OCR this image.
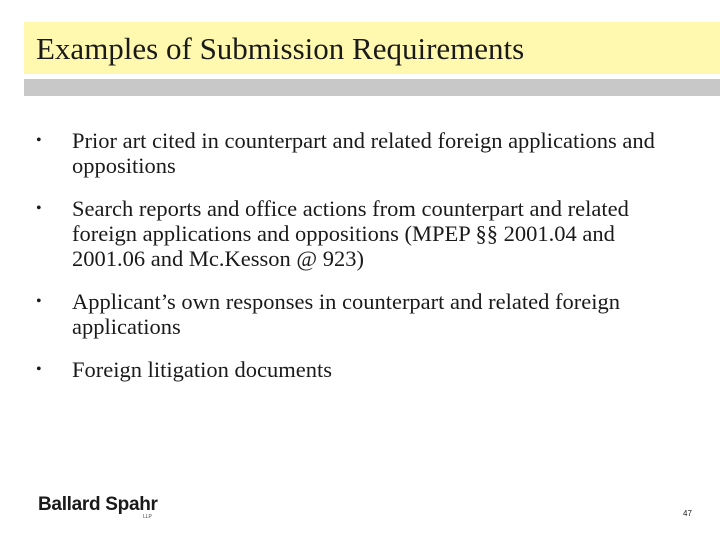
Examples of Submission Requirements
• Prior art cited in counterpart and related foreign applications and oppositions
• Search reports and office actions from counterpart and related foreign applications and oppositions (MPEP §§ 2001.04 and 2001.06 and Mc.Kesson @ 923)
• Applicant’s own responses in counterpart and related foreign applications
• Foreign litigation documents
Ballard Spahr
LLP	47
